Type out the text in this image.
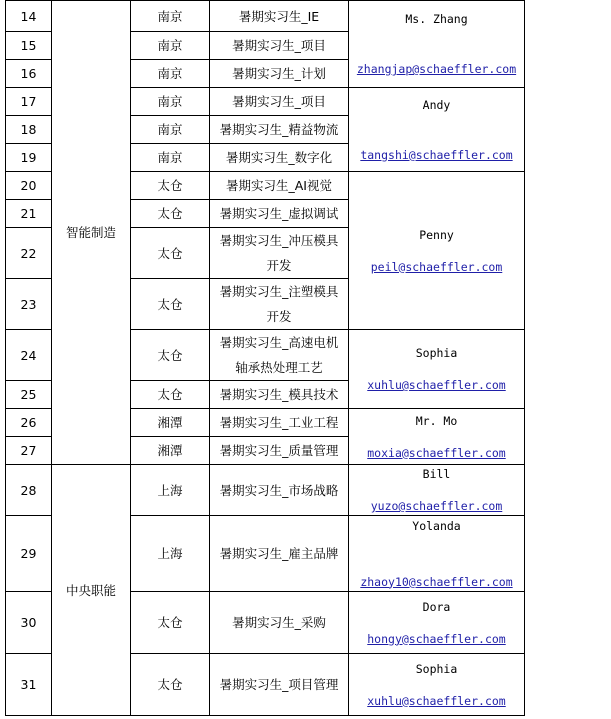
14	智能制造	南京	暑期实习生_IE	Ms. Zhang
zhangjap@schaeffler.com

15		南京	暑期实习生_项目	
16		南京	暑期实习生_计划	
17		南京	暑期实习生_项目	Andy
tangshi@schaeffler.com

18		南京	暑期实习生_精益物流	
19		南京	暑期实习生_数字化	
20		太仓	暑期实习生_AI视觉	Penny
peil@schaeffler.com

21		太仓	暑期实习生_虚拟调试	
22		太仓	暑期实习生_冲压模具开发	
23		太仓	暑期实习生_注塑模具开发	
24		太仓	暑期实习生_高速电机轴承热处理工艺	Sophia
xuhlu@schaeffler.com

25		太仓	暑期实习生_模具技术	
26		湘潭	暑期实习生_工业工程	Mr. Mo
moxia@schaeffler.com

27		湘潭	暑期实习生_质量管理	
28	中央职能	上海	暑期实习生_市场战略	Bill
yuzo@schaeffler.com

29		上海	暑期实习生_雇主品牌	Yolanda
zhaoy10@schaeffler.com

30		太仓	暑期实习生_采购	Dora
hongy@schaeffler.com

31		太仓	暑期实习生_项目管理	Sophia
xuhlu@schaeffler.com
